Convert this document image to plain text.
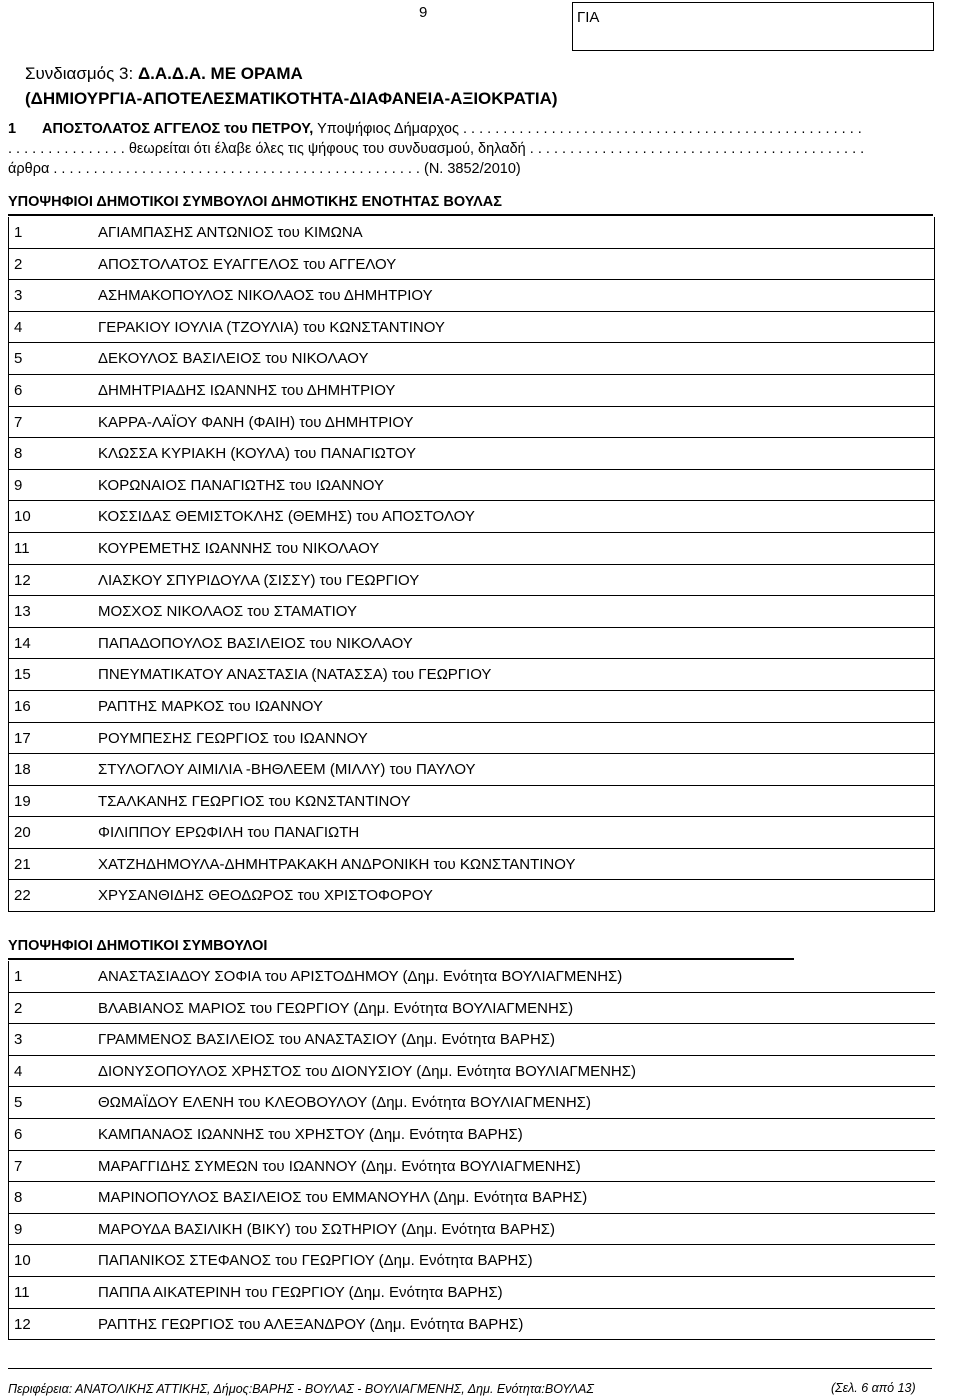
9	ΓΙΑ
Συνδιασμός 3: Δ.Α.Δ.Α. ΜΕ ΟΡΑΜΑ
(ΔΗΜΙΟΥΡΓΙΑ-ΑΠΟΤΕΛΕΣΜΑΤΙΚΟΤΗΤΑ-ΔΙΑΦΑΝΕΙΑ-ΑΞΙΟΚΡΑΤΙΑ)
1 ΑΠΟΣΤΟΛΑΤΟΣ ΑΓΓΕΛΟΣ του ΠΕΤΡΟΥ, Υποψήφιος Δήμαρχος . . . . . . . . . . . . . . . . . . . . . . . . . . . . . . . . . . . . . . . . . . . . . . . . . .
. . . . . . . . . . . . . . . θεωρείται ότι έλαβε όλες τις ψήφους του συνδυασμού, δηλαδή . . . . . . . . . . . . . . . . . . . . . . . . . . . . . . . . . . . . . . . . . .
άρθρα . . . . . . . . . . . . . . . . . . . . . . . . . . . . . . . . . . . . . . . . . . . . . . (Ν. 3852/2010)
ΥΠΟΨΗΦΙΟΙ ΔΗΜΟΤΙΚΟΙ ΣΥΜΒΟΥΛΟΙ ΔΗΜΟΤΙΚΗΣ ΕΝΟΤΗΤΑΣ ΒΟΥΛΑΣ
1	ΑΓΙΑΜΠΑΣΗΣ ΑΝΤΩΝΙΟΣ του ΚΙΜΩΝΑ
2	ΑΠΟΣΤΟΛΑΤΟΣ ΕΥΑΓΓΕΛΟΣ του ΑΓΓΕΛΟΥ
3	ΑΣΗΜΑΚΟΠΟΥΛΟΣ ΝΙΚΟΛΑΟΣ του ΔΗΜΗΤΡΙΟΥ
4	ΓΕΡΑΚΙΟΥ ΙΟΥΛΙΑ (ΤΖΟΥΛΙΑ) του ΚΩΝΣΤΑΝΤΙΝΟΥ
5	ΔΕΚΟΥΛΟΣ ΒΑΣΙΛΕΙΟΣ του ΝΙΚΟΛΑΟΥ
6	ΔΗΜΗΤΡΙΑΔΗΣ ΙΩΑΝΝΗΣ του ΔΗΜΗΤΡΙΟΥ
7	ΚΑΡΡΑ-ΛΑΪΟΥ ΦΑΝΗ (ΦΑΙΗ) του ΔΗΜΗΤΡΙΟΥ
8	ΚΛΩΣΣΑ ΚΥΡΙΑΚΗ (ΚΟΥΛΑ) του ΠΑΝΑΓΙΩΤΟΥ
9	ΚΟΡΩΝΑΙΟΣ ΠΑΝΑΓΙΩΤΗΣ του ΙΩΑΝΝΟΥ
10	ΚΟΣΣΙΔΑΣ ΘΕΜΙΣΤΟΚΛΗΣ (ΘΕΜΗΣ) του ΑΠΟΣΤΟΛΟΥ
11	ΚΟΥΡΕΜΕΤΗΣ ΙΩΑΝΝΗΣ του ΝΙΚΟΛΑΟΥ
12	ΛΙΑΣΚΟΥ ΣΠΥΡΙΔΟΥΛΑ (ΣΙΣΣΥ) του ΓΕΩΡΓΙΟΥ
13	ΜΟΣΧΟΣ ΝΙΚΟΛΑΟΣ του ΣΤΑΜΑΤΙΟΥ
14	ΠΑΠΑΔΟΠΟΥΛΟΣ ΒΑΣΙΛΕΙΟΣ του ΝΙΚΟΛΑΟΥ
15	ΠΝΕΥΜΑΤΙΚΑΤΟΥ ΑΝΑΣΤΑΣΙΑ (ΝΑΤΑΣΣΑ) του ΓΕΩΡΓΙΟΥ
16	ΡΑΠΤΗΣ ΜΑΡΚΟΣ του ΙΩΑΝΝΟΥ
17	ΡΟΥΜΠΕΣΗΣ ΓΕΩΡΓΙΟΣ του ΙΩΑΝΝΟΥ
18	ΣΤΥΛΟΓΛΟΥ ΑΙΜΙΛΙΑ -ΒΗΘΛΕΕΜ (ΜΙΛΛΥ) του ΠΑΥΛΟΥ
19	ΤΣΑΛΚΑΝΗΣ ΓΕΩΡΓΙΟΣ του ΚΩΝΣΤΑΝΤΙΝΟΥ
20	ΦΙΛΙΠΠΟΥ ΕΡΩΦΙΛΗ του ΠΑΝΑΓΙΩΤΗ
21	ΧΑΤΖΗΔΗΜΟΥΛΑ-ΔΗΜΗΤΡΑΚΑΚΗ ΑΝΔΡΟΝΙΚΗ του ΚΩΝΣΤΑΝΤΙΝΟΥ
22	ΧΡΥΣΑΝΘΙΔΗΣ ΘΕΟΔΩΡΟΣ του ΧΡΙΣΤΟΦΟΡΟΥ
ΥΠΟΨΗΦΙΟΙ ΔΗΜΟΤΙΚΟΙ ΣΥΜΒΟΥΛΟΙ
1	ΑΝΑΣΤΑΣΙΑΔΟΥ ΣΟΦΙΑ του ΑΡΙΣΤΟΔΗΜΟΥ (Δημ. Ενότητα ΒΟΥΛΙΑΓΜΕΝΗΣ)
2	ΒΛΑΒΙΑΝΟΣ ΜΑΡΙΟΣ του ΓΕΩΡΓΙΟΥ (Δημ. Ενότητα ΒΟΥΛΙΑΓΜΕΝΗΣ)
3	ΓΡΑΜΜΕΝΟΣ ΒΑΣΙΛΕΙΟΣ του ΑΝΑΣΤΑΣΙΟΥ (Δημ. Ενότητα ΒΑΡΗΣ)
4	ΔΙΟΝΥΣΟΠΟΥΛΟΣ ΧΡΗΣΤΟΣ του ΔΙΟΝΥΣΙΟΥ (Δημ. Ενότητα ΒΟΥΛΙΑΓΜΕΝΗΣ)
5	ΘΩΜΑΪΔΟΥ ΕΛΕΝΗ του ΚΛΕΟΒΟΥΛΟΥ (Δημ. Ενότητα ΒΟΥΛΙΑΓΜΕΝΗΣ)
6	ΚΑΜΠΑΝΑΟΣ ΙΩΑΝΝΗΣ του ΧΡΗΣΤΟΥ (Δημ. Ενότητα ΒΑΡΗΣ)
7	ΜΑΡΑΓΓΙΔΗΣ ΣΥΜΕΩΝ του ΙΩΑΝΝΟΥ (Δημ. Ενότητα ΒΟΥΛΙΑΓΜΕΝΗΣ)
8	ΜΑΡΙΝΟΠΟΥΛΟΣ ΒΑΣΙΛΕΙΟΣ του ΕΜΜΑΝΟΥΗΛ (Δημ. Ενότητα ΒΑΡΗΣ)
9	ΜΑΡΟΥΔΑ ΒΑΣΙΛΙΚΗ (ΒΙΚΥ) του ΣΩΤΗΡΙΟΥ (Δημ. Ενότητα ΒΑΡΗΣ)
10	ΠΑΠΑΝΙΚΟΣ ΣΤΕΦΑΝΟΣ του ΓΕΩΡΓΙΟΥ (Δημ. Ενότητα ΒΑΡΗΣ)
11	ΠΑΠΠΑ ΑΙΚΑΤΕΡΙΝΗ του ΓΕΩΡΓΙΟΥ (Δημ. Ενότητα ΒΑΡΗΣ)
12	ΡΑΠΤΗΣ ΓΕΩΡΓΙΟΣ του ΑΛΕΞΑΝΔΡΟΥ (Δημ. Ενότητα ΒΑΡΗΣ)
Περιφέρεια: ΑΝΑΤΟΛΙΚΗΣ ΑΤΤΙΚΗΣ, Δήμος:ΒΑΡΗΣ - ΒΟΥΛΑΣ - ΒΟΥΛΙΑΓΜΕΝΗΣ, Δημ. Ενότητα:ΒΟΥΛΑΣ	(Σελ. 6 από 13)
